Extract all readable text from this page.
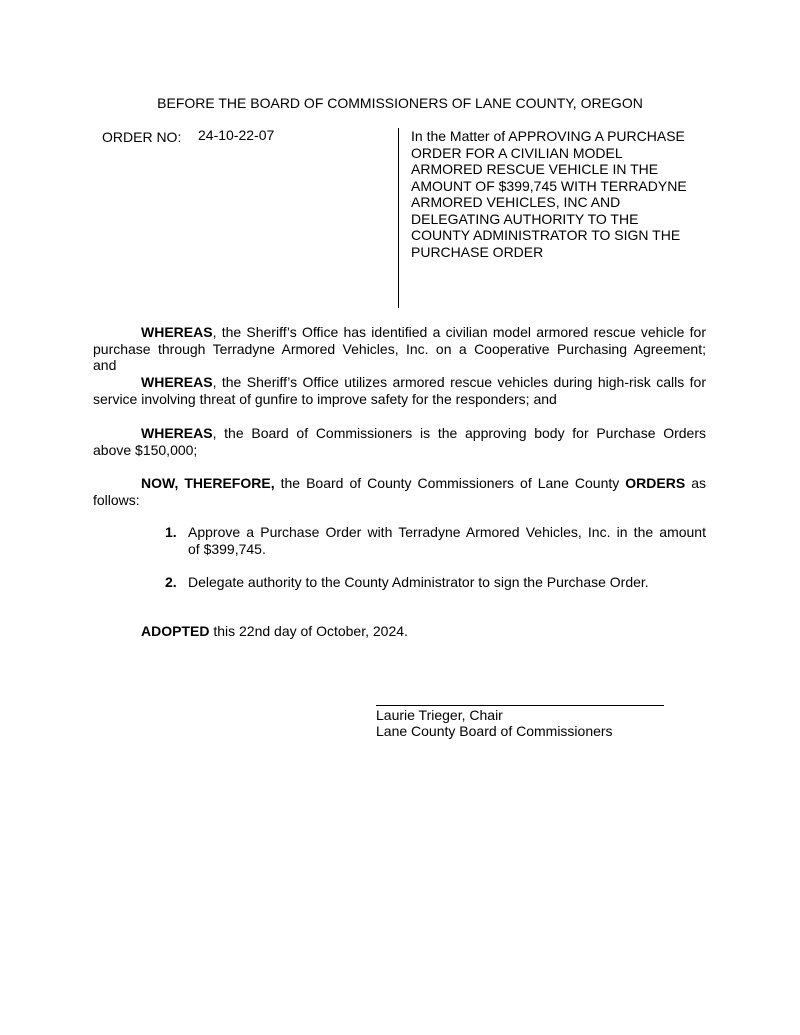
BEFORE THE BOARD OF COMMISSIONERS OF LANE COUNTY, OREGON
ORDER NO: 24-10-22-07	In the Matter of APPROVING A PURCHASE
ORDER FOR A CIVILIAN MODEL
ARMORED RESCUE VEHICLE IN THE
AMOUNT OF $399,745 WITH TERRADYNE
ARMORED VEHICLES, INC AND
DELEGATING AUTHORITY TO THE
COUNTY ADMINISTRATOR TO SIGN THE
PURCHASE ORDER
WHEREAS, the Sheriff’s Office has identified a civilian model armored rescue vehicle for
purchase through Terradyne Armored Vehicles, Inc. on a Cooperative Purchasing Agreement;
and
WHEREAS, the Sheriff’s Office utilizes armored rescue vehicles during high-risk calls for
service involving threat of gunfire to improve safety for the responders; and
WHEREAS, the Board of Commissioners is the approving body for Purchase Orders
above $150,000;
NOW, THEREFORE, the Board of County Commissioners of Lane County ORDERS as
follows:
1. Approve a Purchase Order with Terradyne Armored Vehicles, Inc. in the amount
of $399,745.
2. Delegate authority to the County Administrator to sign the Purchase Order.
ADOPTED this 22nd day of October, 2024.
Laurie Trieger, Chair
Lane County Board of Commissioners
